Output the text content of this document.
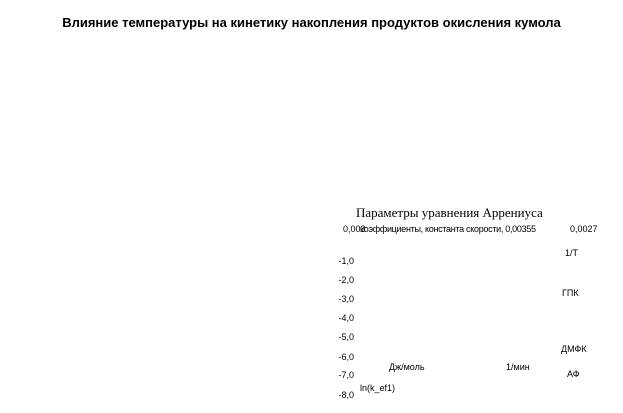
Влияние температуры на кинетику накопления продуктов окисления кумола
Параметры уравнения Аррениуса
0,003
коэффициенты, константа скорости, 0,00355	0,0027
1/T
-1,0
-2,0
-3,0
-4,0
-5,0
-6,0
-7,0
-8,0
ГПК
ДМФК
АФ
Дж/моль	1/мин
ln(k_ef1)
